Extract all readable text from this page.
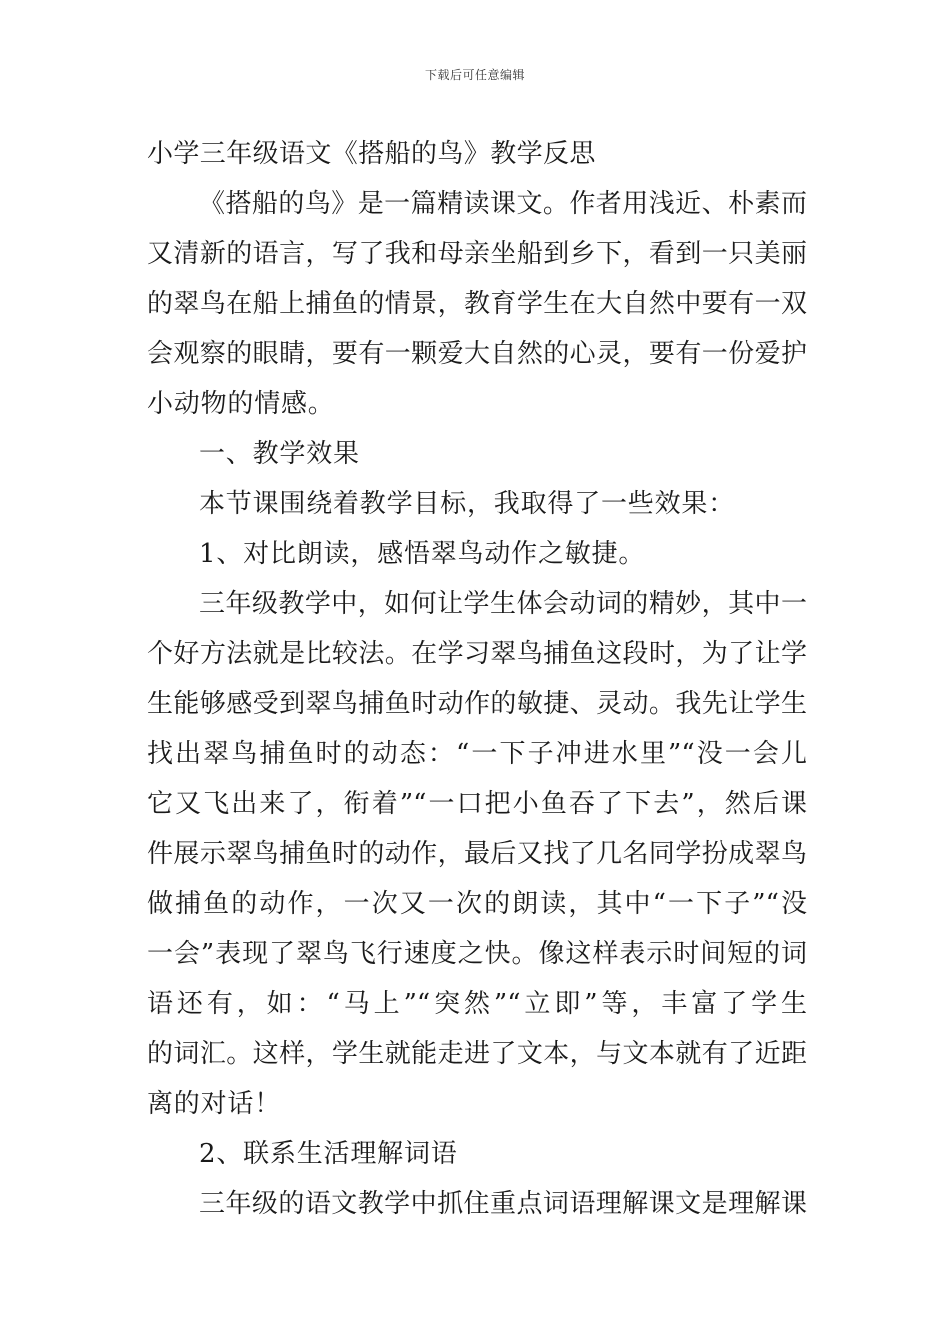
下载后可任意编辑
小学三年级语文《搭船的鸟》教学反思
《搭船的鸟》是一篇精读课文。作者用浅近、朴素而
又清新的语言，写了我和母亲坐船到乡下，看到一只美丽
的翠鸟在船上捕鱼的情景，教育学生在大自然中要有一双
会观察的眼睛，要有一颗爱大自然的心灵，要有一份爱护
小动物的情感。
一、教学效果
本节课围绕着教学目标，我取得了一些效果：
1、对比朗读，感悟翠鸟动作之敏捷。
三年级教学中，如何让学生体会动词的精妙，其中一
个好方法就是比较法。在学习翠鸟捕鱼这段时，为了让学
生能够感受到翠鸟捕鱼时动作的敏捷、灵动。我先让学生
找出翠鸟捕鱼时的动态：“一下子冲进水里”“没一会儿
它又飞出来了，衔着”“一口把小鱼吞了下去”，然后课
件展示翠鸟捕鱼时的动作，最后又找了几名同学扮成翠鸟
做捕鱼的动作，一次又一次的朗读，其中“一下子”“没
一会”表现了翠鸟飞行速度之快。像这样表示时间短的词
语还有，如：“马上”“突然”“立即”等，丰富了学生
的词汇。这样，学生就能走进了文本，与文本就有了近距
离的对话！
2、联系生活理解词语
三年级的语文教学中抓住重点词语理解课文是理解课
